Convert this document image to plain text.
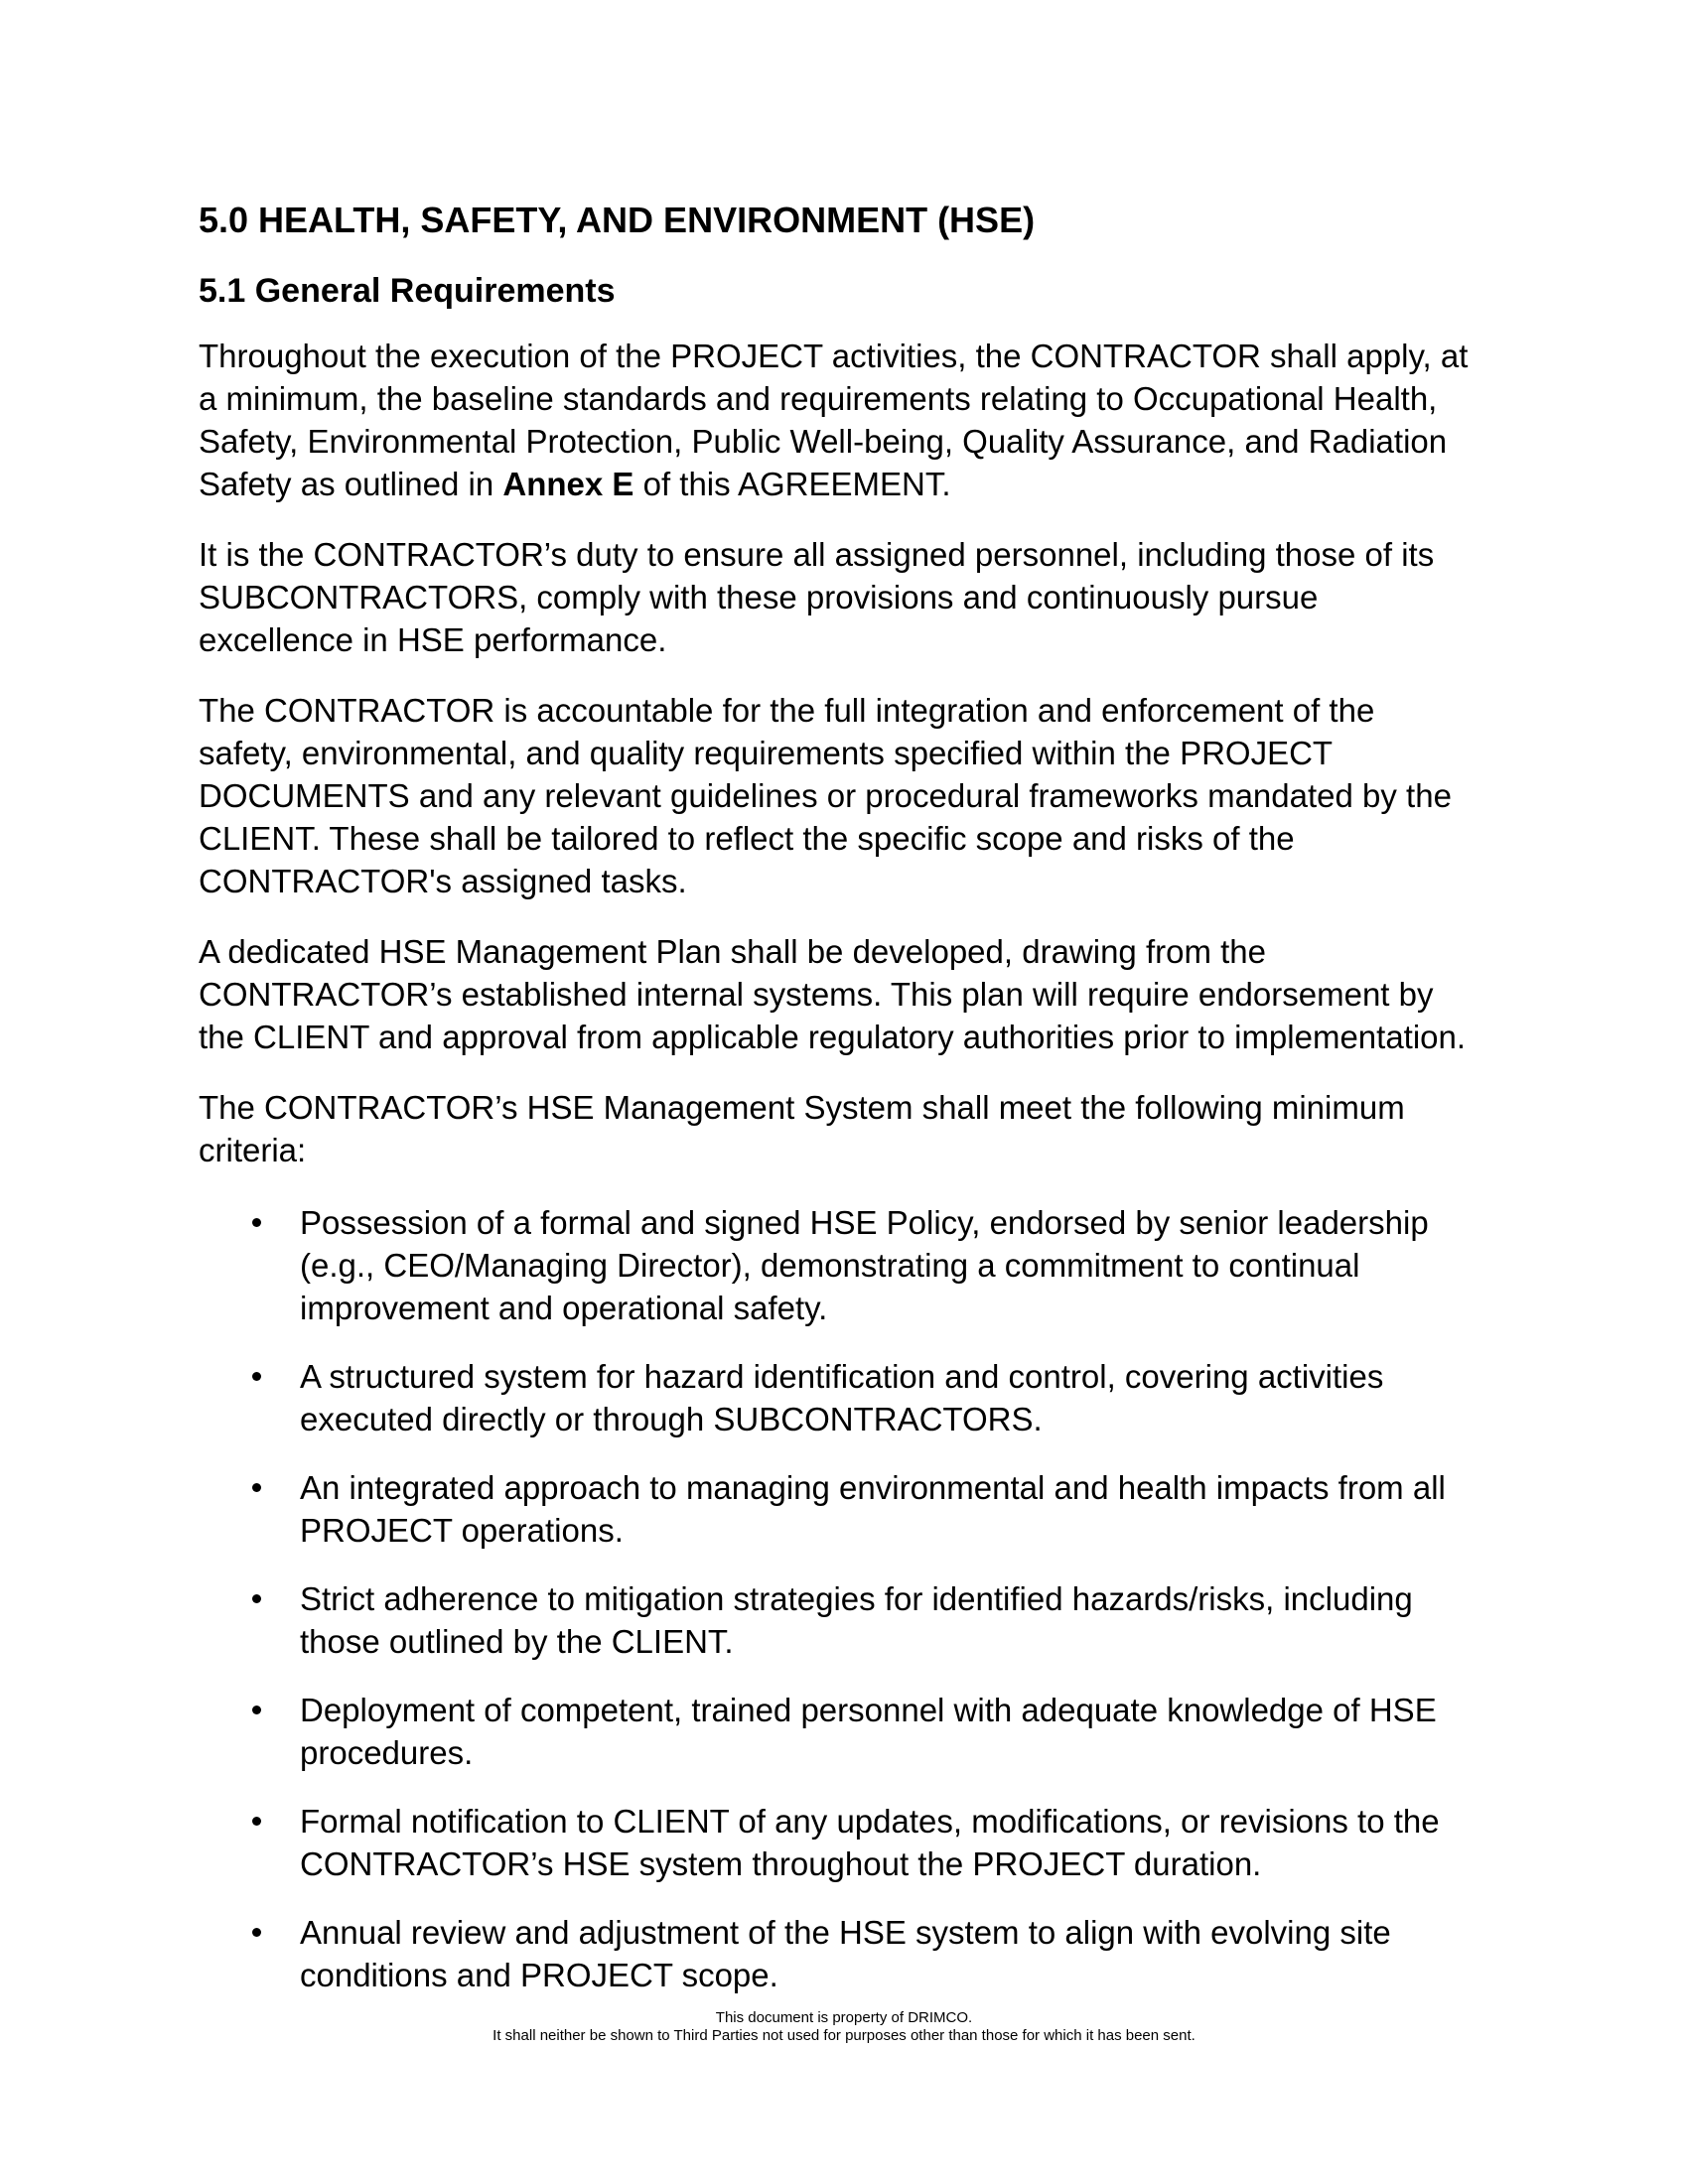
5.0 HEALTH, SAFETY, AND ENVIRONMENT (HSE)
5.1 General Requirements

Throughout the execution of the PROJECT activities, the CONTRACTOR shall apply, at a minimum, the baseline standards and requirements relating to Occupational Health, Safety, Environmental Protection, Public Well-being, Quality Assurance, and Radiation Safety as outlined in Annex E of this AGREEMENT.

It is the CONTRACTOR’s duty to ensure all assigned personnel, including those of its SUBCONTRACTORS, comply with these provisions and continuously pursue excellence in HSE performance.

The CONTRACTOR is accountable for the full integration and enforcement of the safety, environmental, and quality requirements specified within the PROJECT DOCUMENTS and any relevant guidelines or procedural frameworks mandated by the CLIENT. These shall be tailored to reflect the specific scope and risks of the CONTRACTOR's assigned tasks.

A dedicated HSE Management Plan shall be developed, drawing from the CONTRACTOR’s established internal systems. This plan will require endorsement by the CLIENT and approval from applicable regulatory authorities prior to implementation.

The CONTRACTOR’s HSE Management System shall meet the following minimum criteria:

Possession of a formal and signed HSE Policy, endorsed by senior leadership (e.g., CEO/Managing Director), demonstrating a commitment to continual improvement and operational safety.
A structured system for hazard identification and control, covering activities executed directly or through SUBCONTRACTORS.
An integrated approach to managing environmental and health impacts from all PROJECT operations.
Strict adherence to mitigation strategies for identified hazards/risks, including those outlined by the CLIENT.
Deployment of competent, trained personnel with adequate knowledge of HSE procedures.
Formal notification to CLIENT of any updates, modifications, or revisions to the CONTRACTOR’s HSE system throughout the PROJECT duration.
Annual review and adjustment of the HSE system to align with evolving site conditions and PROJECT scope.
This document is property of DRIMCO.
It shall neither be shown to Third Parties not used for purposes other than those for which it has been sent.
